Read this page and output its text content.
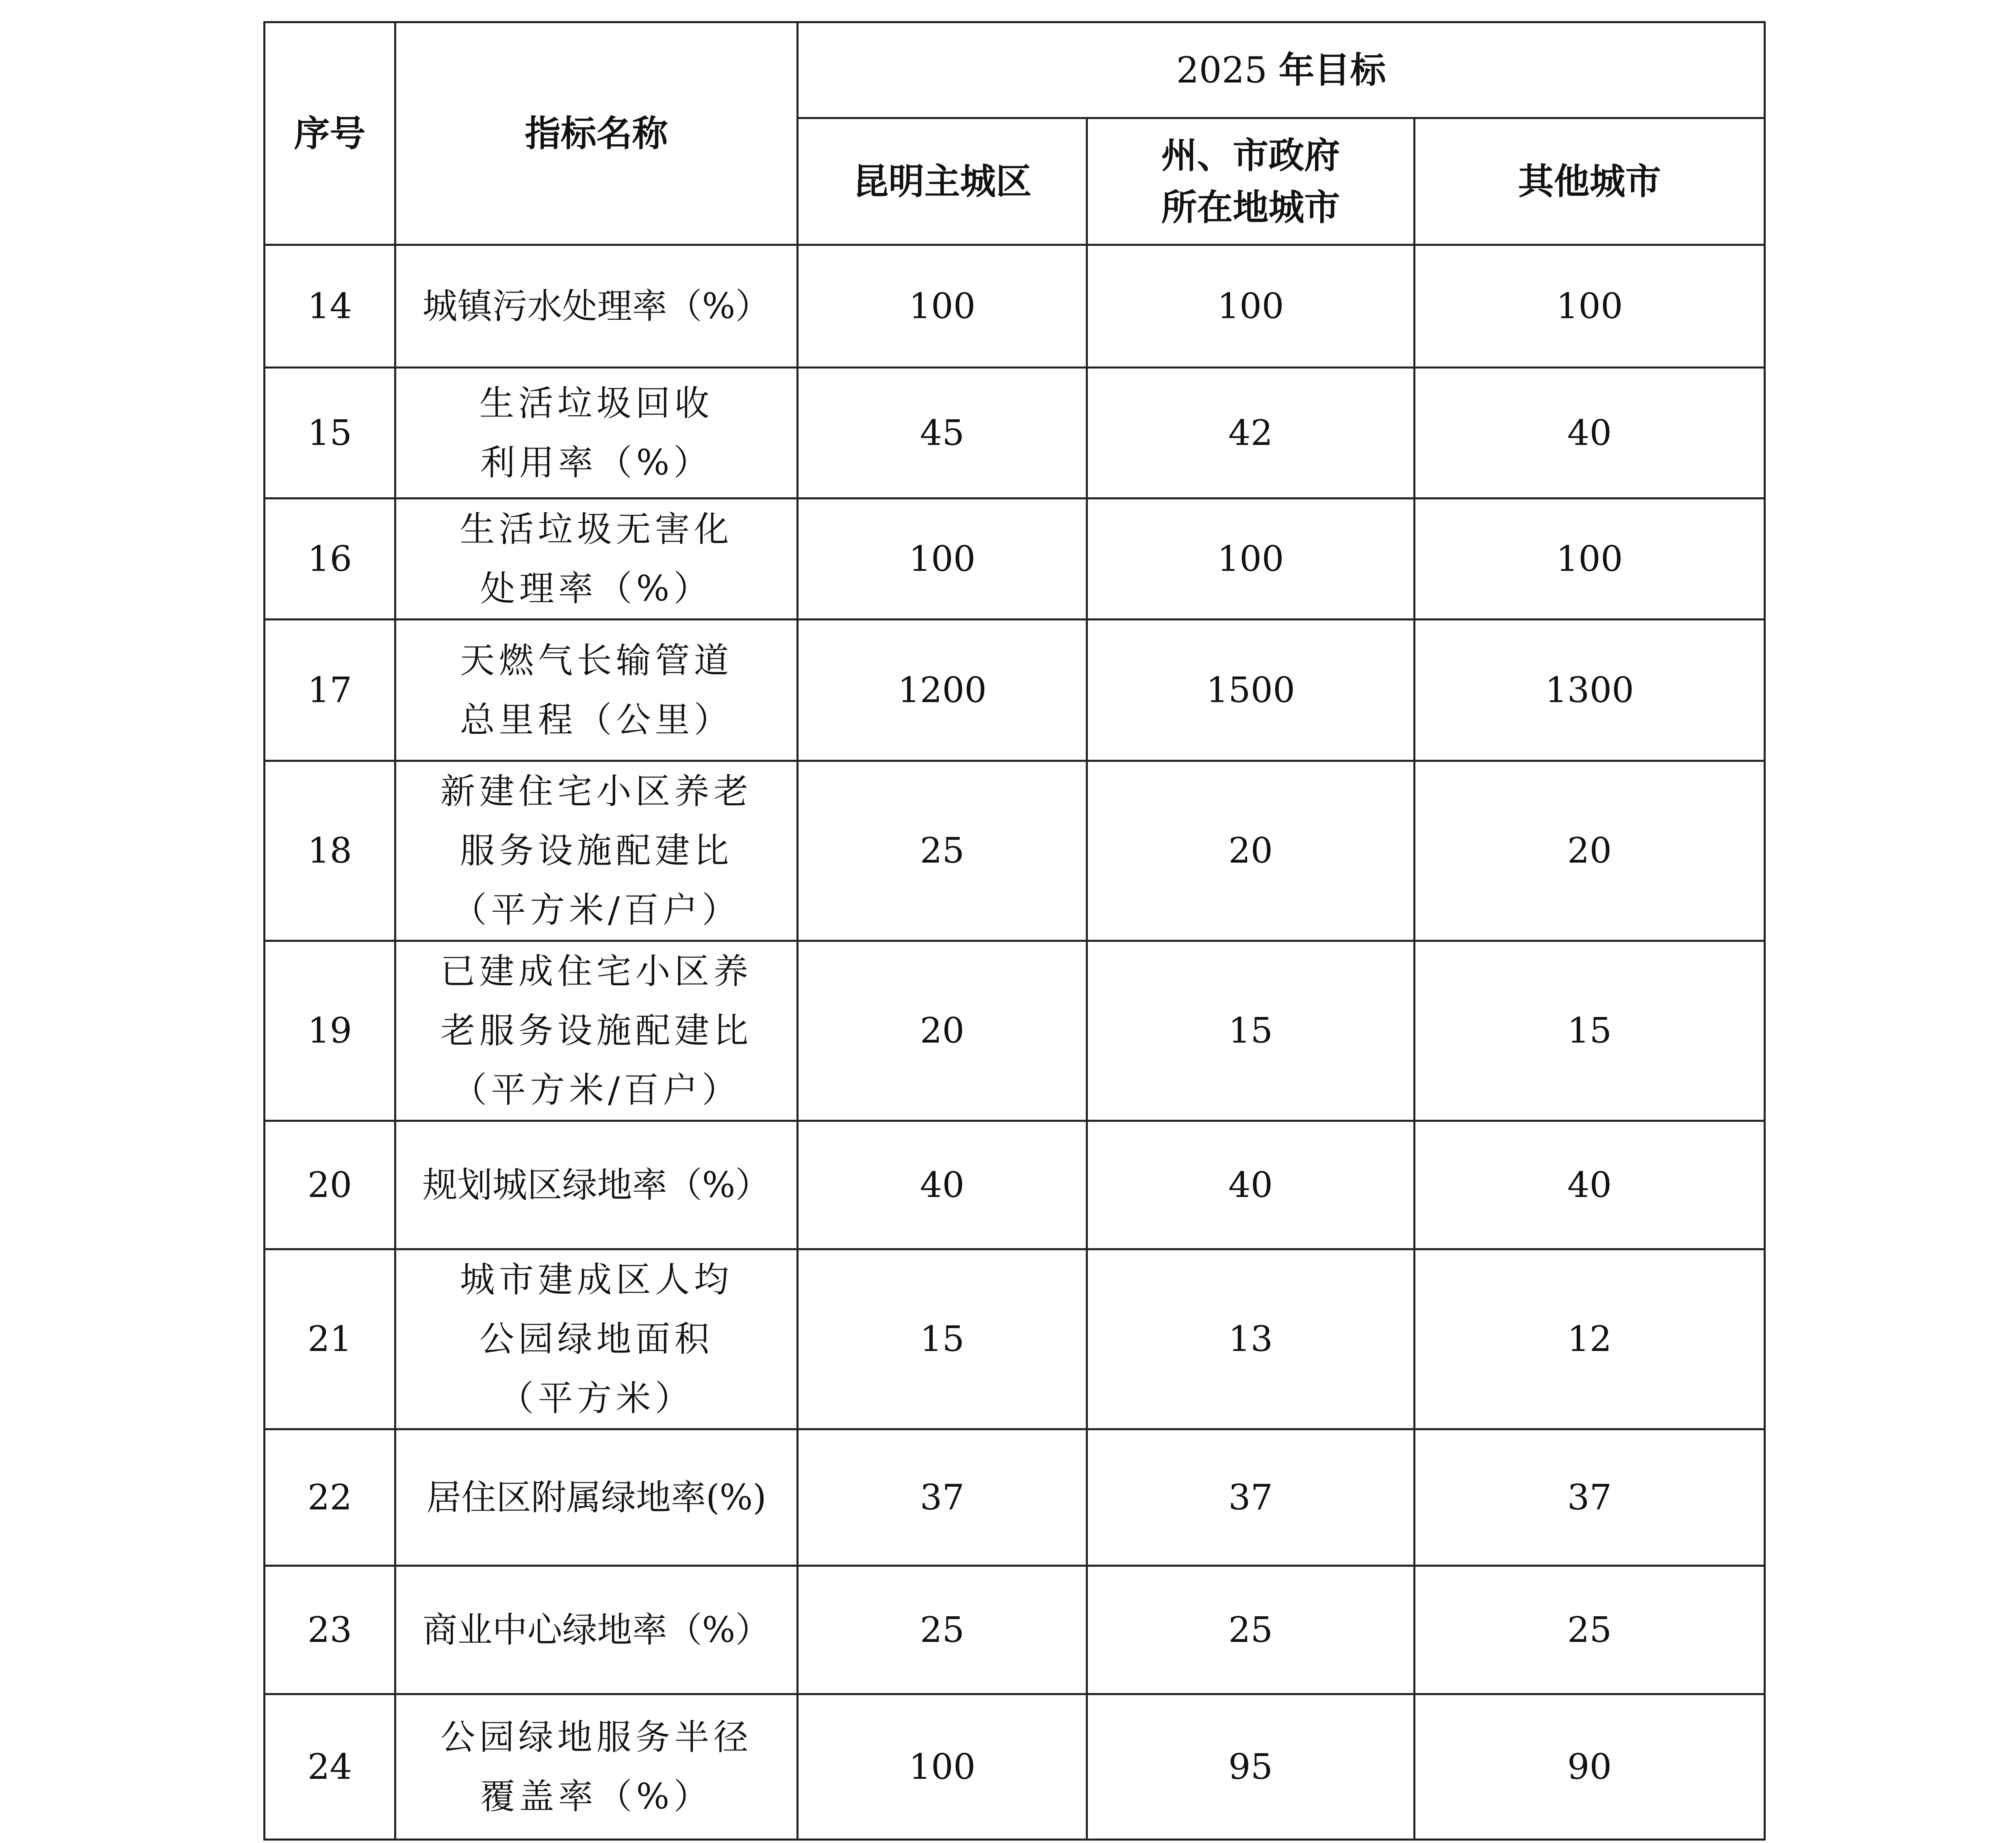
序号	指标名称	2025 年目标		
		昆明主城区	州、市政府
所在地城市	其他城市
14	城镇污水处理率（%）	100	100	100
15	生活垃圾回收
利用率（%）	45	42	40
16	生活垃圾无害化
处理率（%）	100	100	100
17	天燃气长输管道
总里程（公里）	1200	1500	1300
18	新建住宅小区养老
服务设施配建比
（平方米/百户）	25	20	20
19	已建成住宅小区养
老服务设施配建比
（平方米/百户）	20	15	15
20	规划城区绿地率（%）	40	40	40
21	城市建成区人均
公园绿地面积
（平方米）	15	13	12
22	居住区附属绿地率(%)	37	37	37
23	商业中心绿地率（%）	25	25	25
24	公园绿地服务半径
覆盖率（%）	100	95	90
